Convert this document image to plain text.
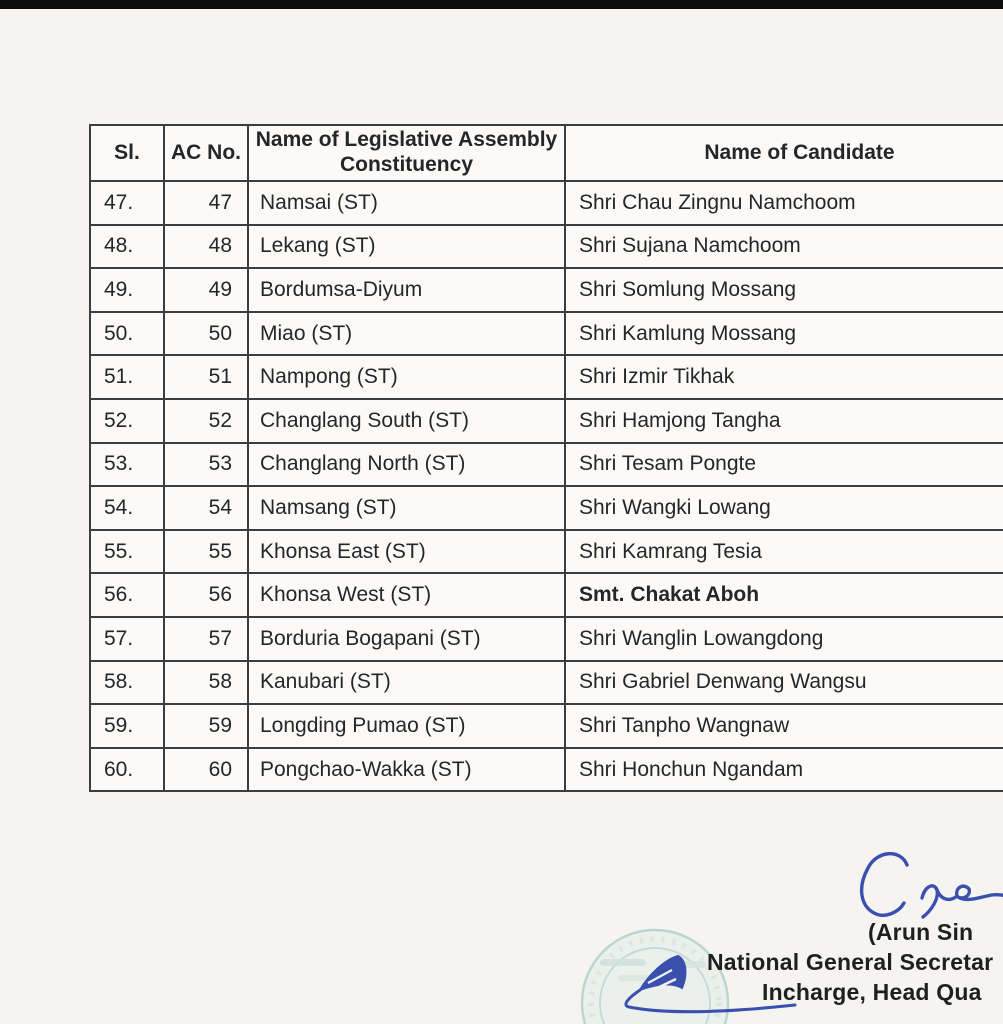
Sl.	AC No.	Name of Legislative Assembly Constituency	Name of Candidate
47.	47	Namsai (ST)	Shri Chau Zingnu Namchoom
48.	48	Lekang (ST)	Shri Sujana Namchoom
49.	49	Bordumsa-Diyum	Shri Somlung Mossang
50.	50	Miao (ST)	Shri Kamlung Mossang
51.	51	Nampong (ST)	Shri Izmir Tikhak
52.	52	Changlang South (ST)	Shri Hamjong Tangha
53.	53	Changlang North (ST)	Shri Tesam Pongte
54.	54	Namsang (ST)	Shri Wangki Lowang
55.	55	Khonsa East (ST)	Shri Kamrang Tesia
56.	56	Khonsa West (ST)	Smt. Chakat Aboh
57.	57	Borduria Bogapani (ST)	Shri Wanglin Lowangdong
58.	58	Kanubari (ST)	Shri Gabriel Denwang Wangsu
59.	59	Longding Pumao (ST)	Shri Tanpho Wangnaw
60.	60	Pongchao-Wakka (ST)	Shri Honchun Ngandam
(Arun Sin
National General Secretar
Incharge, Head Qua
